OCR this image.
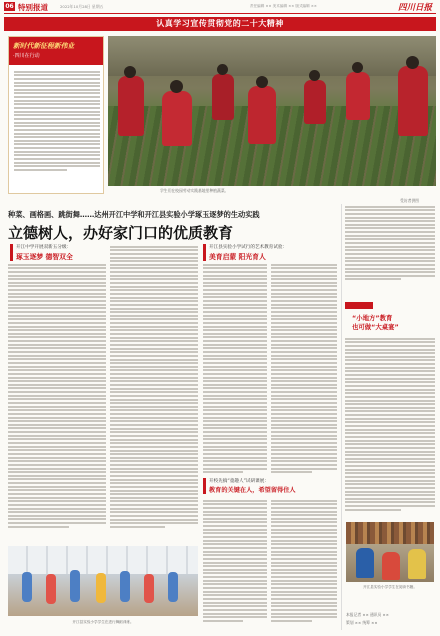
06 特别报道	2022年10月28日 星期五	责任编辑 ×× 美术编辑 ×× 版式编辑 ××	四川日报
认真学习宣传贯彻党的二十大精神
新时代新征程新伟业
·四川在行动
学生们在校园劳动实践基地里种植蔬菜。
受访者供图
种菜、画格画、跳街舞……达州开江中学和开江县实验小学琢玉逐梦的生动实践
立德树人，办好家门口的优质教育
开江中学开展双新五分级：
琢玉逐梦 德智双全
开江县实验小学试行的艺术教育试验：
美育启蒙 阳光育人
开校先搞“童趣人”试研课展：
教育的关键在人，希望留得住人
“小地方”教育
也可做“大桌宴”
开江县实验小学学生在阅读书籍。
本报记者 ×× 通讯员 ××
策划 ×× 统筹 ××
开江县实验小学学生在进行舞蹈训练。
